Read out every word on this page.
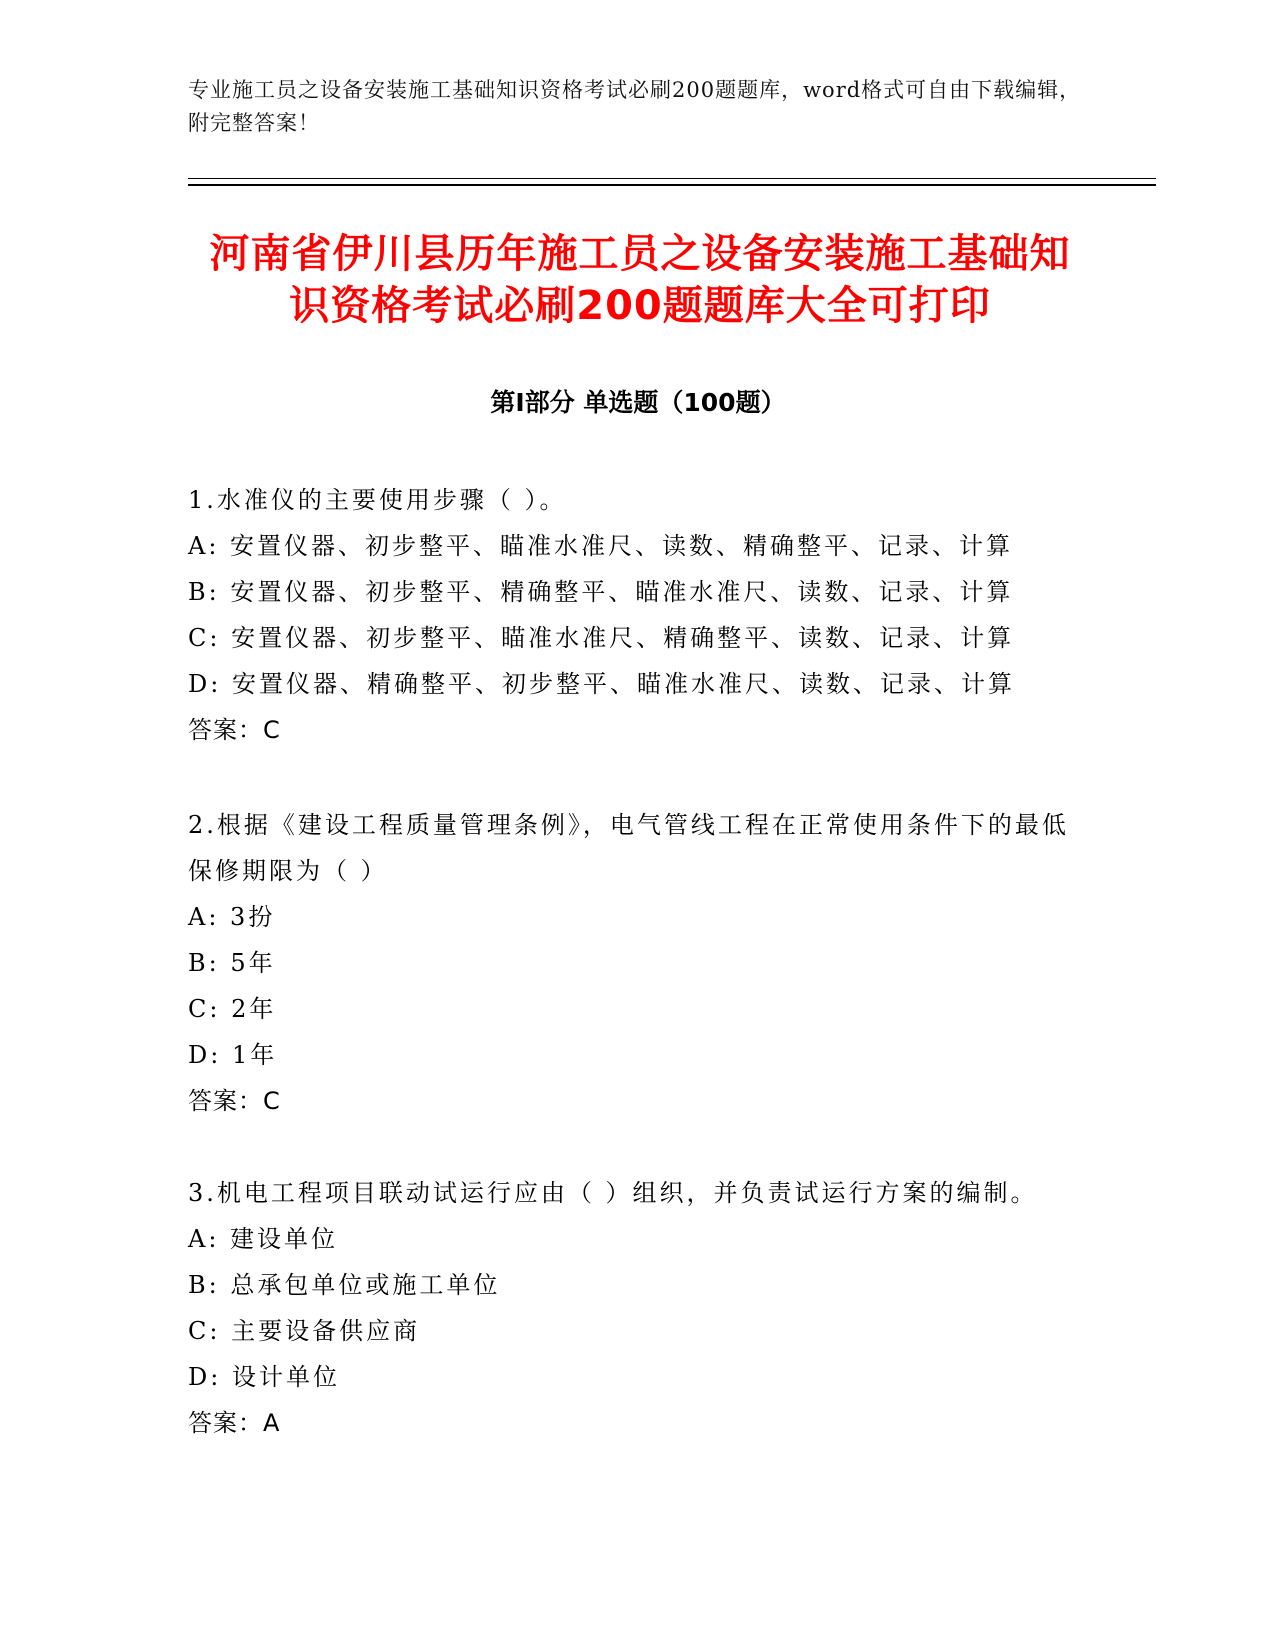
专业施工员之设备安装施工基础知识资格考试必刷200题题库，word格式可自由下载编辑，附完整答案！
河南省伊川县历年施工员之设备安装施工基础知识资格考试必刷200题题库大全可打印
第Ⅰ部分 单选题（100题）

1.水准仪的主要使用步骤（ ）。

A: 安置仪器、初步整平、瞄准水准尺、读数、精确整平、记录、计算

B: 安置仪器、初步整平、精确整平、瞄准水准尺、读数、记录、计算

C: 安置仪器、初步整平、瞄准水准尺、精确整平、读数、记录、计算

D: 安置仪器、精确整平、初步整平、瞄准水准尺、读数、记录、计算

答案：C

2.根据《建设工程质量管理条例》，电气管线工程在正常使用条件下的最低保修期限为（ ）

A: 3扮

B: 5年

C: 2年

D: 1年

答案：C

3.机电工程项目联动试运行应由（ ）组织，并负责试运行方案的编制。

A: 建设单位

B: 总承包单位或施工单位

C: 主要设备供应商

D: 设计单位

答案：A
